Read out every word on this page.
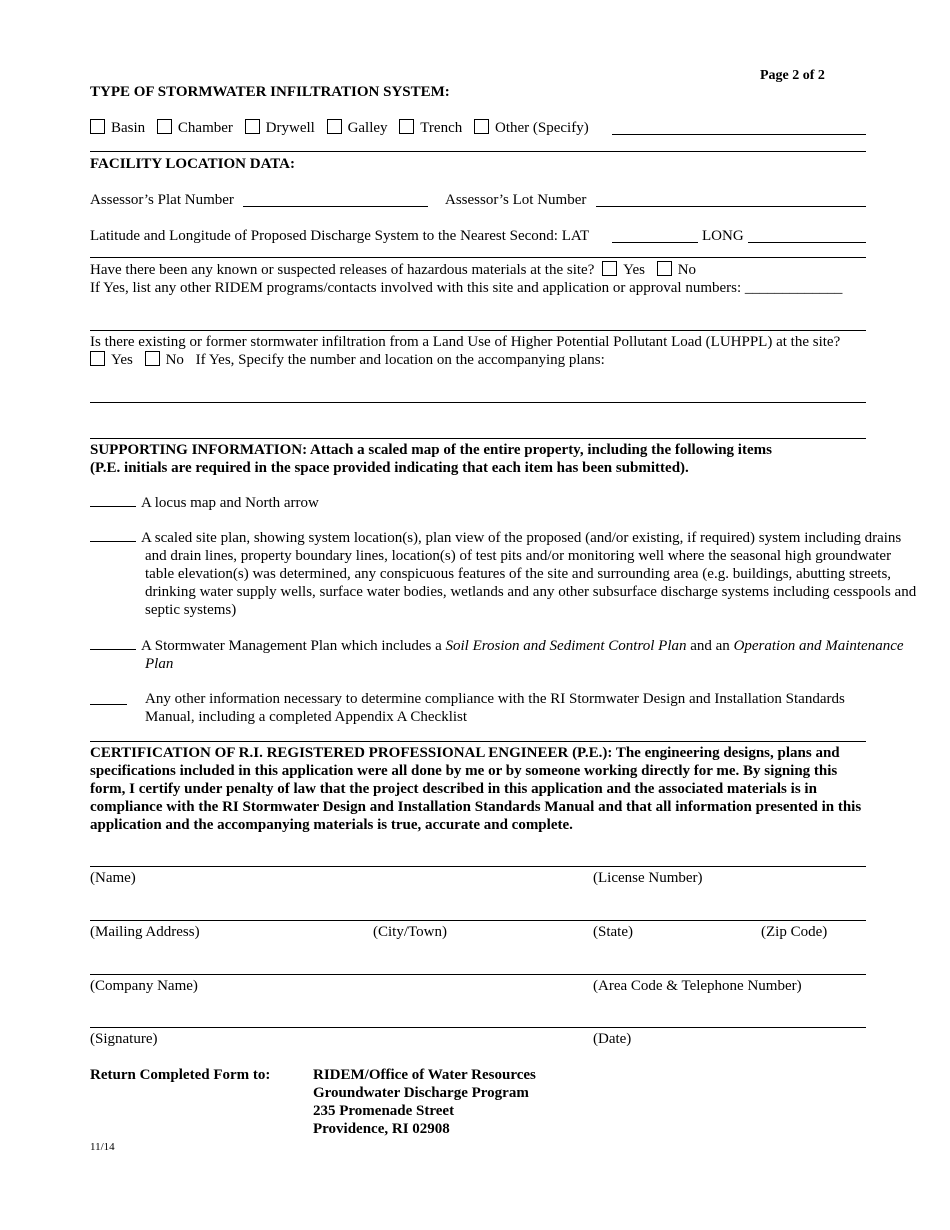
Page 2 of 2
TYPE OF STORMWATER INFILTRATION SYSTEM:
Basin Chamber Drywell Galley Trench Other (Specify)
FACILITY LOCATION DATA:
Assessor’s Plat Number	Assessor’s Lot Number
Latitude and Longitude of Proposed Discharge System to the Nearest Second: LAT	LONG
Have there been any known or suspected releases of hazardous materials at the site? Yes No
If Yes, list any other RIDEM programs/contacts involved with this site and application or approval numbers: _____________
Is there existing or former stormwater infiltration from a Land Use of Higher Potential Pollutant Load (LUHPPL) at the site?
Yes No If Yes, Specify the number and location on the accompanying plans:
SUPPORTING INFORMATION: Attach a scaled map of the entire property, including the following items
(P.E. initials are required in the space provided indicating that each item has been submitted).
A locus map and North arrow
A scaled site plan, showing system location(s), plan view of the proposed (and/or existing, if required) system including drains and drain lines, property boundary lines, location(s) of test pits and/or monitoring well where the seasonal high groundwater table elevation(s) was determined, any conspicuous features of the site and surrounding area (e.g. buildings, abutting streets, drinking water supply wells, surface water bodies, wetlands and any other subsurface discharge systems including cesspools and septic systems)
A Stormwater Management Plan which includes a Soil Erosion and Sediment Control Plan and an Operation and Maintenance Plan
Any other information necessary to determine compliance with the RI Stormwater Design and Installation Standards Manual, including a completed Appendix A Checklist
CERTIFICATION OF R.I. REGISTERED PROFESSIONAL ENGINEER (P.E.): The engineering designs, plans and specifications included in this application were all done by me or by someone working directly for me. By signing this form, I certify under penalty of law that the project described in this application and the associated materials is in compliance with the RI Stormwater Design and Installation Standards Manual and that all information presented in this application and the accompanying materials is true, accurate and complete.
(Name)	(License Number)
(Mailing Address)	(City/Town)	(State)	(Zip Code)
(Company Name)	(Area Code & Telephone Number)
(Signature)	(Date)
Return Completed Form to:	RIDEM/Office of Water Resources
Groundwater Discharge Program
235 Promenade Street
Providence, RI 02908
11/14
